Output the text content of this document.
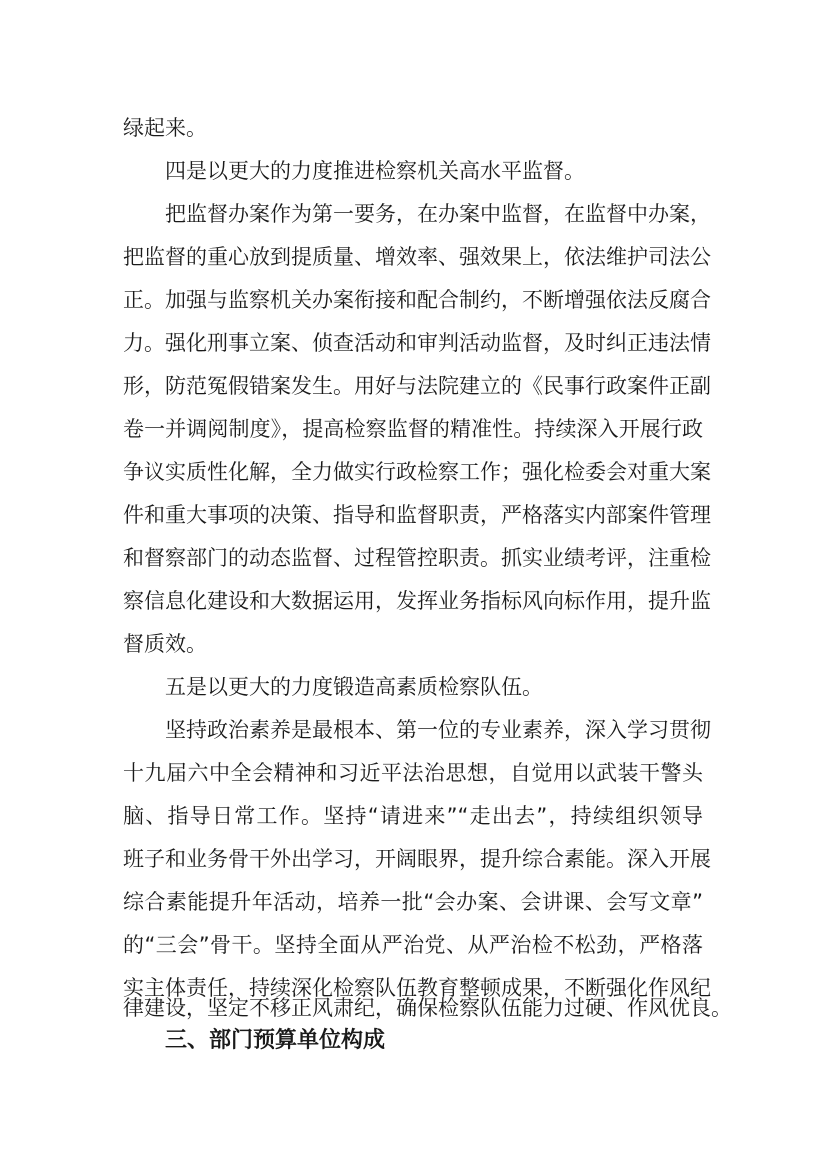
绿起来。
四是以更大的力度推进检察机关高水平监督。
把监督办案作为第一要务，在办案中监督，在监督中办案，
把监督的重心放到提质量、增效率、强效果上，依法维护司法公
正。加强与监察机关办案衔接和配合制约，不断增强依法反腐合
力。强化刑事立案、侦查活动和审判活动监督，及时纠正违法情
形，防范冤假错案发生。用好与法院建立的《民事行政案件正副
卷一并调阅制度》，提高检察监督的精准性。持续深入开展行政
争议实质性化解，全力做实行政检察工作；强化检委会对重大案
件和重大事项的决策、指导和监督职责，严格落实内部案件管理
和督察部门的动态监督、过程管控职责。抓实业绩考评，注重检
察信息化建设和大数据运用，发挥业务指标风向标作用，提升监
督质效。
五是以更大的力度锻造高素质检察队伍。
坚持政治素养是最根本、第一位的专业素养，深入学习贯彻
十九届六中全会精神和习近平法治思想，自觉用以武装干警头
脑、指导日常工作。坚持“请进来”“走出去”，持续组织领导
班子和业务骨干外出学习，开阔眼界，提升综合素能。深入开展
综合素能提升年活动，培养一批“会办案、会讲课、会写文章”
的“三会”骨干。坚持全面从严治党、从严治检不松劲，严格落
实主体责任，持续深化检察队伍教育整顿成果，不断强化作风纪
律建设，坚定不移正风肃纪，确保检察队伍能力过硬、作风优良。
三、部门预算单位构成
